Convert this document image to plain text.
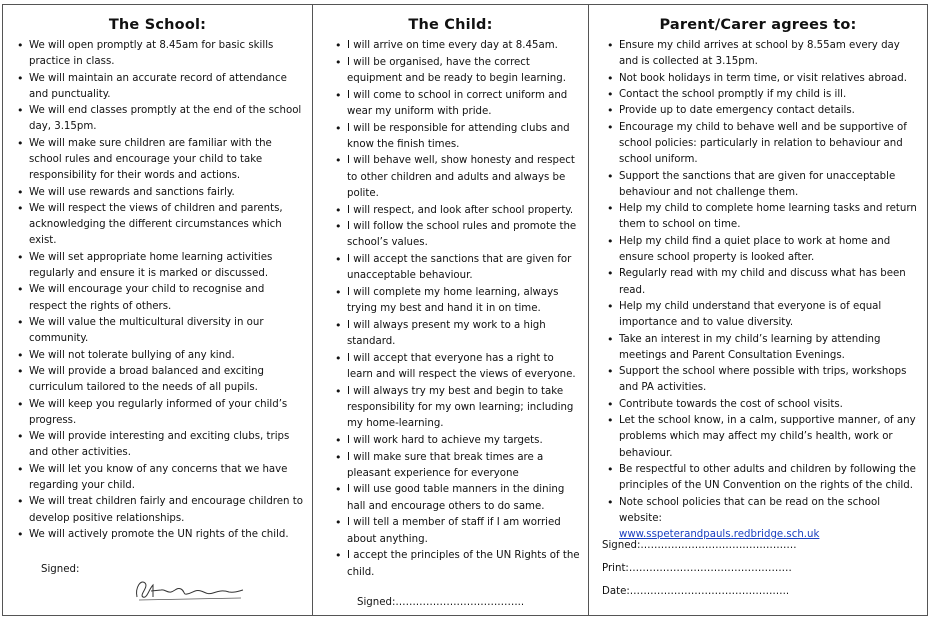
The School:
• We will open promptly at 8.45am for basic skills practice in class.
• We will maintain an accurate record of attendance and punctuality.
• We will end classes promptly at the end of the school day, 3.15pm.
• We will make sure children are familiar with the school rules and encourage your child to take responsibility for their words and actions.
• We will use rewards and sanctions fairly.
• We will respect the views of children and parents, acknowledging the different circumstances which exist.
• We will set appropriate home learning activities regularly and ensure it is marked or discussed.
• We will encourage your child to recognise and respect the rights of others.
• We will value the multicultural diversity in our community.
• We will not tolerate bullying of any kind.
• We will provide a broad balanced and exciting curriculum tailored to the needs of all pupils.
• We will keep you regularly informed of your child’s progress.
• We will provide interesting and exciting clubs, trips and other activities.
• We will let you know of any concerns that we have regarding your child.
• We will treat children fairly and encourage children to develop positive relationships.
• We will actively promote the UN rights of the child.
Signed:
The Child:
• I will arrive on time every day at 8.45am.
• I will be organised, have the correct equipment and be ready to begin learning.
• I will come to school in correct uniform and wear my uniform with pride.
• I will be responsible for attending clubs and know the finish times.
• I will behave well, show honesty and respect to other children and adults and always be polite.
• I will respect, and look after school property.
• I will follow the school rules and promote the school’s values.
• I will accept the sanctions that are given for unacceptable behaviour.
• I will complete my home learning, always trying my best and hand it in on time.
• I will always present my work to a high standard.
• I will accept that everyone has a right to learn and will respect the views of everyone.
• I will always try my best and begin to take responsibility for my own learning; including my home-learning.
• I will work hard to achieve my targets.
• I will make sure that break times are a pleasant experience for everyone
• I will use good table manners in the dining hall and encourage others to do same.
• I will tell a member of staff if I am worried about anything.
• I accept the principles of the UN Rights of the child.
Signed:………………………………..
Parent/Carer agrees to:
• Ensure my child arrives at school by 8.55am every day and is collected at 3.15pm.
• Not book holidays in term time, or visit relatives abroad.
• Contact the school promptly if my child is ill.
• Provide up to date emergency contact details.
• Encourage my child to behave well and be supportive of school policies: particularly in relation to behaviour and school uniform.
• Support the sanctions that are given for unacceptable behaviour and not challenge them.
• Help my child to complete home learning tasks and return them to school on time.
• Help my child find a quiet place to work at home and ensure school property is looked after.
• Regularly read with my child and discuss what has been read.
• Help my child understand that everyone is of equal importance and to value diversity.
• Take an interest in my child’s learning by attending meetings and Parent Consultation Evenings.
• Support the school where possible with trips, workshops and PA activities.
• Contribute towards the cost of school visits.
• Let the school know, in a calm, supportive manner, of any problems which may affect my child’s health, work or behaviour.
• Be respectful to other adults and children by following the principles of the UN Convention on the rights of the child.
• Note school policies that can be read on the school website:
www.sspeterandpauls.redbridge.sch.uk
Signed:……………………………………….
Print:…………………………………………
Date:………………………………………..
